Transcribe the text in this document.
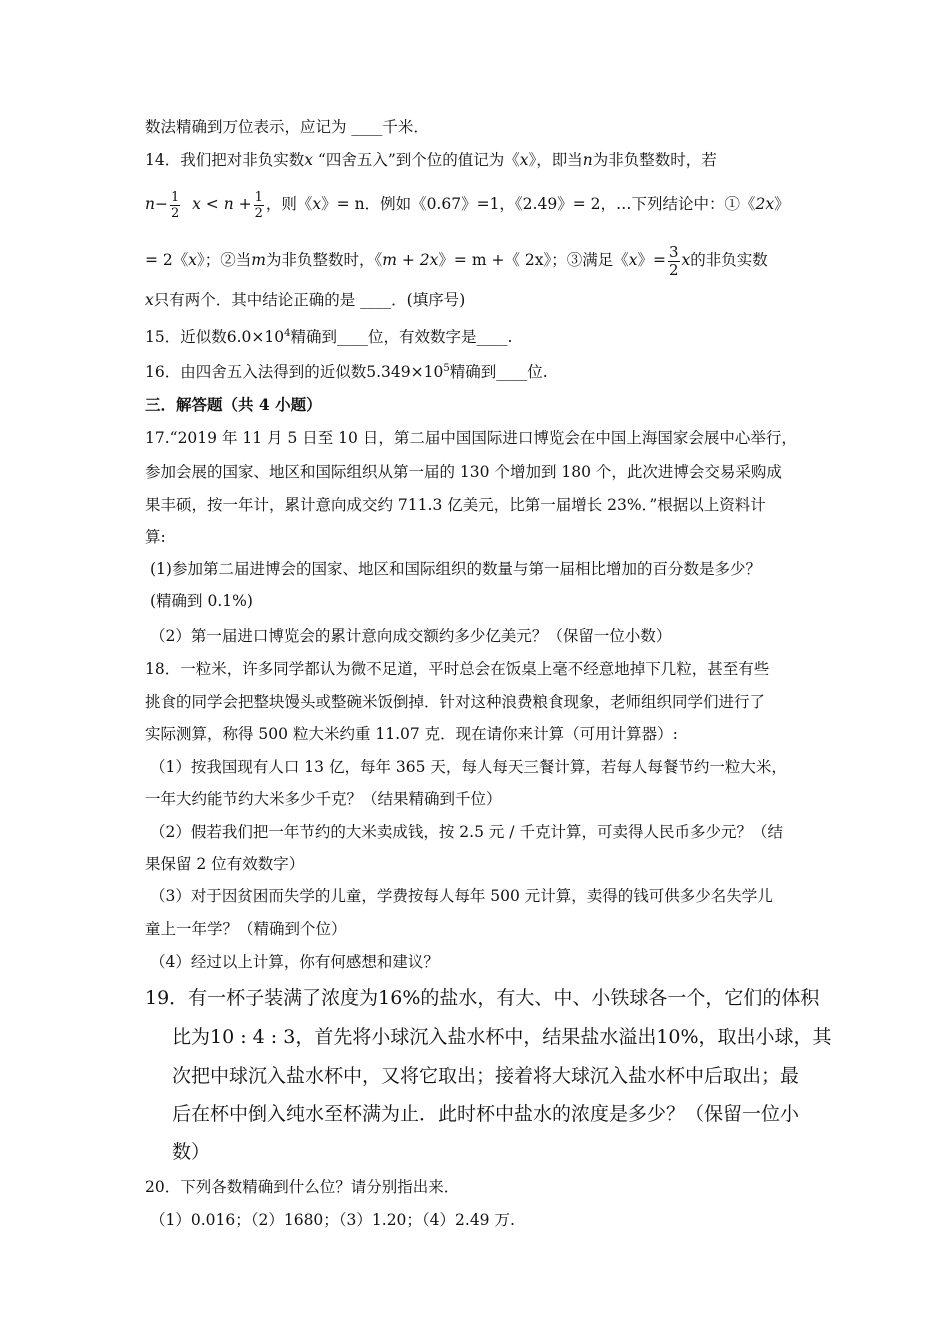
数法精确到万位表示，应记为 ____千米．
14．我们把对非负实数x “四舍五入”到个位的值记为《x》，即当n为非负整数时，若
$n- \frac{1}{2}$ $x < n + \frac{1}{2}$ ，则《x》= n．例如《0.67》=1，《2.49》= 2，…下列结论中：①《2x》
= 2《x》；②当m为非负整数时，《m + 2x》= m +《 2x》；③满足《x》= $\frac{3}{2}$ x的非负实数
x只有两个．其中结论正确的是 ____．(填序号)
15．近似数$6.0\times 10^4$精确到____位，有效数字是____.
16．由四舍五入法得到的近似数$5.349\times 10^5$精确到____位.
三．解答题（共 4 小题）
17.“2019 年 11 月 5 日至 10 日，第二届中国国际进口博览会在中国上海国家会展中心举行，
参加会展的国家、地区和国际组织从第一届的 130 个增加到 180 个，此次进博会交易采购成
果丰硕，按一年计，累计意向成交约 711.3 亿美元，比第一届增长 23%．”根据以上资料计
算:
(1)参加第二届进博会的国家、地区和国际组织的数量与第一届相比增加的百分数是多少？
(精确到 0.1%)
（2）第一届进口博览会的累计意向成交额约多少亿美元？（保留一位小数）
18．一粒米，许多同学都认为微不足道，平时总会在饭桌上毫不经意地掉下几粒，甚至有些
挑食的同学会把整块馒头或整碗米饭倒掉．针对这种浪费粮食现象，老师组织同学们进行了
实际测算，称得 500 粒大米约重 11.07 克．现在请你来计算（可用计算器）:
（1）按我国现有人口 13 亿，每年 365 天，每人每天三餐计算，若每人每餐节约一粒大米，
一年大约能节约大米多少千克？（结果精确到千位）
（2）假若我们把一年节约的大米卖成钱，按 2.5 元 / 千克计算，可卖得人民币多少元？（结
果保留 2 位有效数字）
（3）对于因贫困而失学的儿童，学费按每人每年 500 元计算，卖得的钱可供多少名失学儿
童上一年学？（精确到个位）
（4）经过以上计算，你有何感想和建议？
19．有一杯子装满了浓度为16%的盐水，有大、中、小铁球各一个，它们的体积
比为10 : 4 : 3，首先将小球沉入盐水杯中，结果盐水溢出10%，取出小球，其
次把中球沉入盐水杯中，又将它取出；接着将大球沉入盐水杯中后取出；最
后在杯中倒入纯水至杯满为止．此时杯中盐水的浓度是多少？（保留一位小
数）
20．下列各数精确到什么位？请分别指出来．
（1）0.016；（2）1680；（3）1.20；（4）2.49 万.
